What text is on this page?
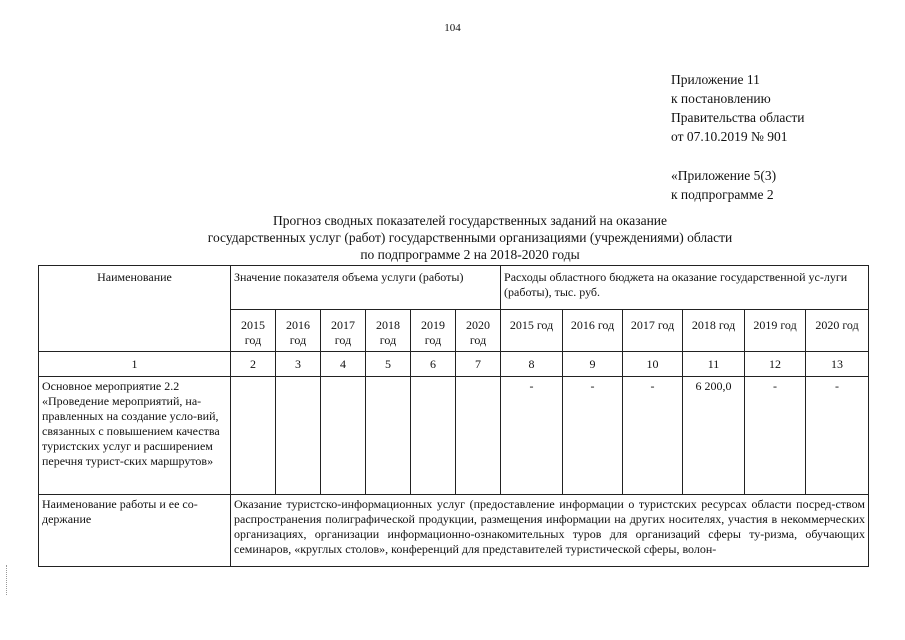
104
Приложение 11
к постановлению
Правительства области
от 07.10.2019 № 901
«Приложение 5(3)
к подпрограмме 2
Прогноз сводных показателей государственных заданий на оказание
государственных услуг (работ) государственными организациями (учреждениями) области
по подпрограмме 2 на 2018-2020 годы
Наименование	Значение показателя объема услуги (работы)						Расходы областного бюджета на оказание государственной ус-луги (работы), тыс. руб.					
	2015 год	2016 год	2017 год	2018 год	2019 год	2020 год	2015 год	2016 год	2017 год	2018 год	2019 год	2020 год
1	2	3	4	5	6	7	8	9	10	11	12	13
Основное мероприятие 2.2 «Проведение мероприятий, на-правленных на создание усло-вий, связанных с повышением качества туристских услуг и расширением перечня турист-ских маршрутов»							-	-	-	6 200,0	-	-
Наименование работы и ее со-держание	Оказание туристско-информационных услуг (предоставление информации о туристских ресурсах области посред-ством распространения полиграфической продукции, размещения информации на других носителях, участия в некоммерческих организациях, организации информационно-ознакомительных туров для организаций сферы ту-ризма, обучающих семинаров, «круглых столов», конференций для представителей туристической сферы, волон-											
